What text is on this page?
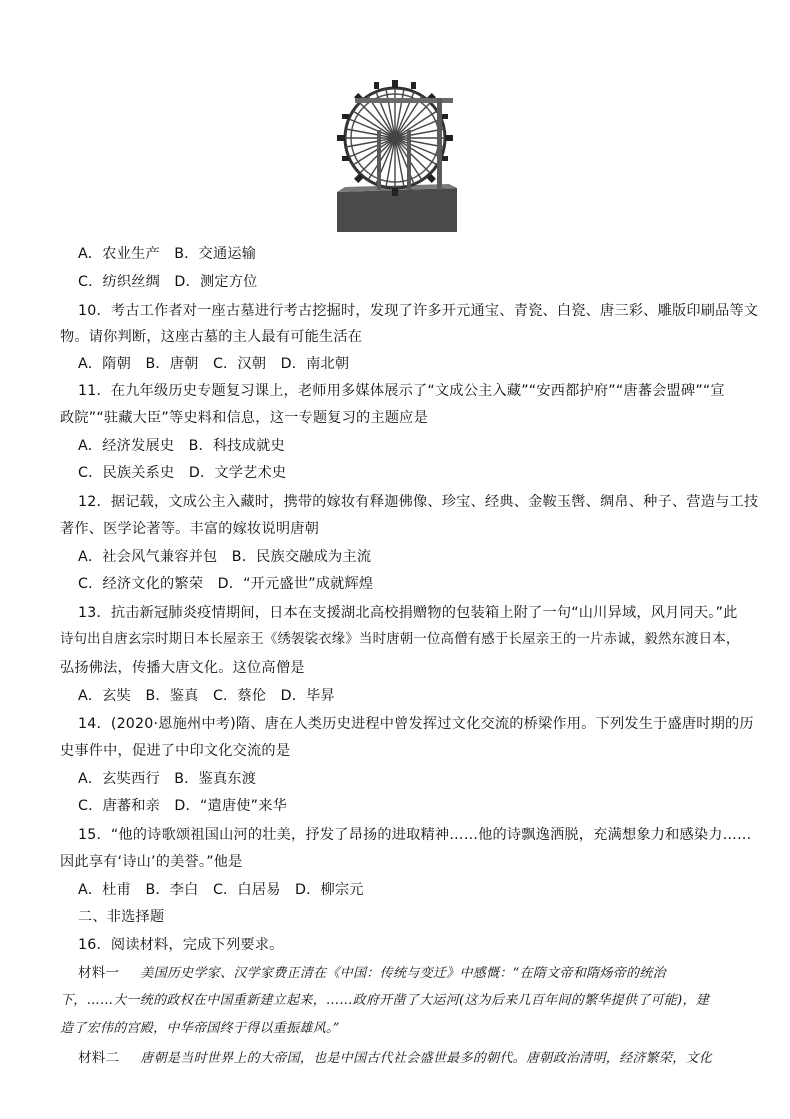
A．农业生产　B．交通运输
C．纺织丝绸　D．测定方位
10．考古工作者对一座古墓进行考古挖掘时，发现了许多开元通宝、青瓷、白瓷、唐三彩、雕版印刷品等文
物。请你判断，这座古墓的主人最有可能生活在
A．隋朝　B．唐朝　C．汉朝　D．南北朝
11．在九年级历史专题复习课上，老师用多媒体展示了“文成公主入藏”“安西都护府”“唐蕃会盟碑”“宣
政院”“驻藏大臣”等史料和信息，这一专题复习的主题应是
A．经济发展史　B．科技成就史
C．民族关系史　D．文学艺术史
12．据记载，文成公主入藏时，携带的嫁妆有释迦佛像、珍宝、经典、金鞍玉辔、绸帛、种子、营造与工技
著作、医学论著等。丰富的嫁妆说明唐朝
A．社会风气兼容并包　B．民族交融成为主流
C．经济文化的繁荣　D．“开元盛世”成就辉煌
13．抗击新冠肺炎疫情期间，日本在支援湖北高校捐赠物的包装箱上附了一句“山川异域，风月同天。”此
诗句出自唐玄宗时期日本长屋亲王《绣袈裟衣缘》当时唐朝一位高僧有感于长屋亲王的一片赤诚，毅然东渡日本，
弘扬佛法，传播大唐文化。这位高僧是
A．玄奘　B．鉴真　C．蔡伦　D．毕昇
14．(2020·恩施州中考)隋、唐在人类历史进程中曾发挥过文化交流的桥梁作用。下列发生于盛唐时期的历
史事件中，促进了中印文化交流的是
A．玄奘西行　B．鉴真东渡
C．唐蕃和亲　D．“遣唐使”来华
15．“他的诗歌颂祖国山河的壮美，抒发了昂扬的进取精神……他的诗飘逸洒脱，充满想象力和感染力……
因此享有‘诗山’的美誉。”他是
A．杜甫　B．李白　C．白居易　D．柳宗元
二、非选择题
16．阅读材料，完成下列要求。
材料一 美国历史学家、汉学家费正清在《中国：传统与变迁》中感慨：“在隋文帝和隋炀帝的统治
下，……大一统的政权在中国重新建立起来，……政府开凿了大运河(这为后来几百年间的繁华提供了可能)，建
造了宏伟的宫殿，中华帝国终于得以重振雄风。”
材料二 唐朝是当时世界上的大帝国，也是中国古代社会盛世最多的朝代。唐朝政治清明，经济繁荣，文化
